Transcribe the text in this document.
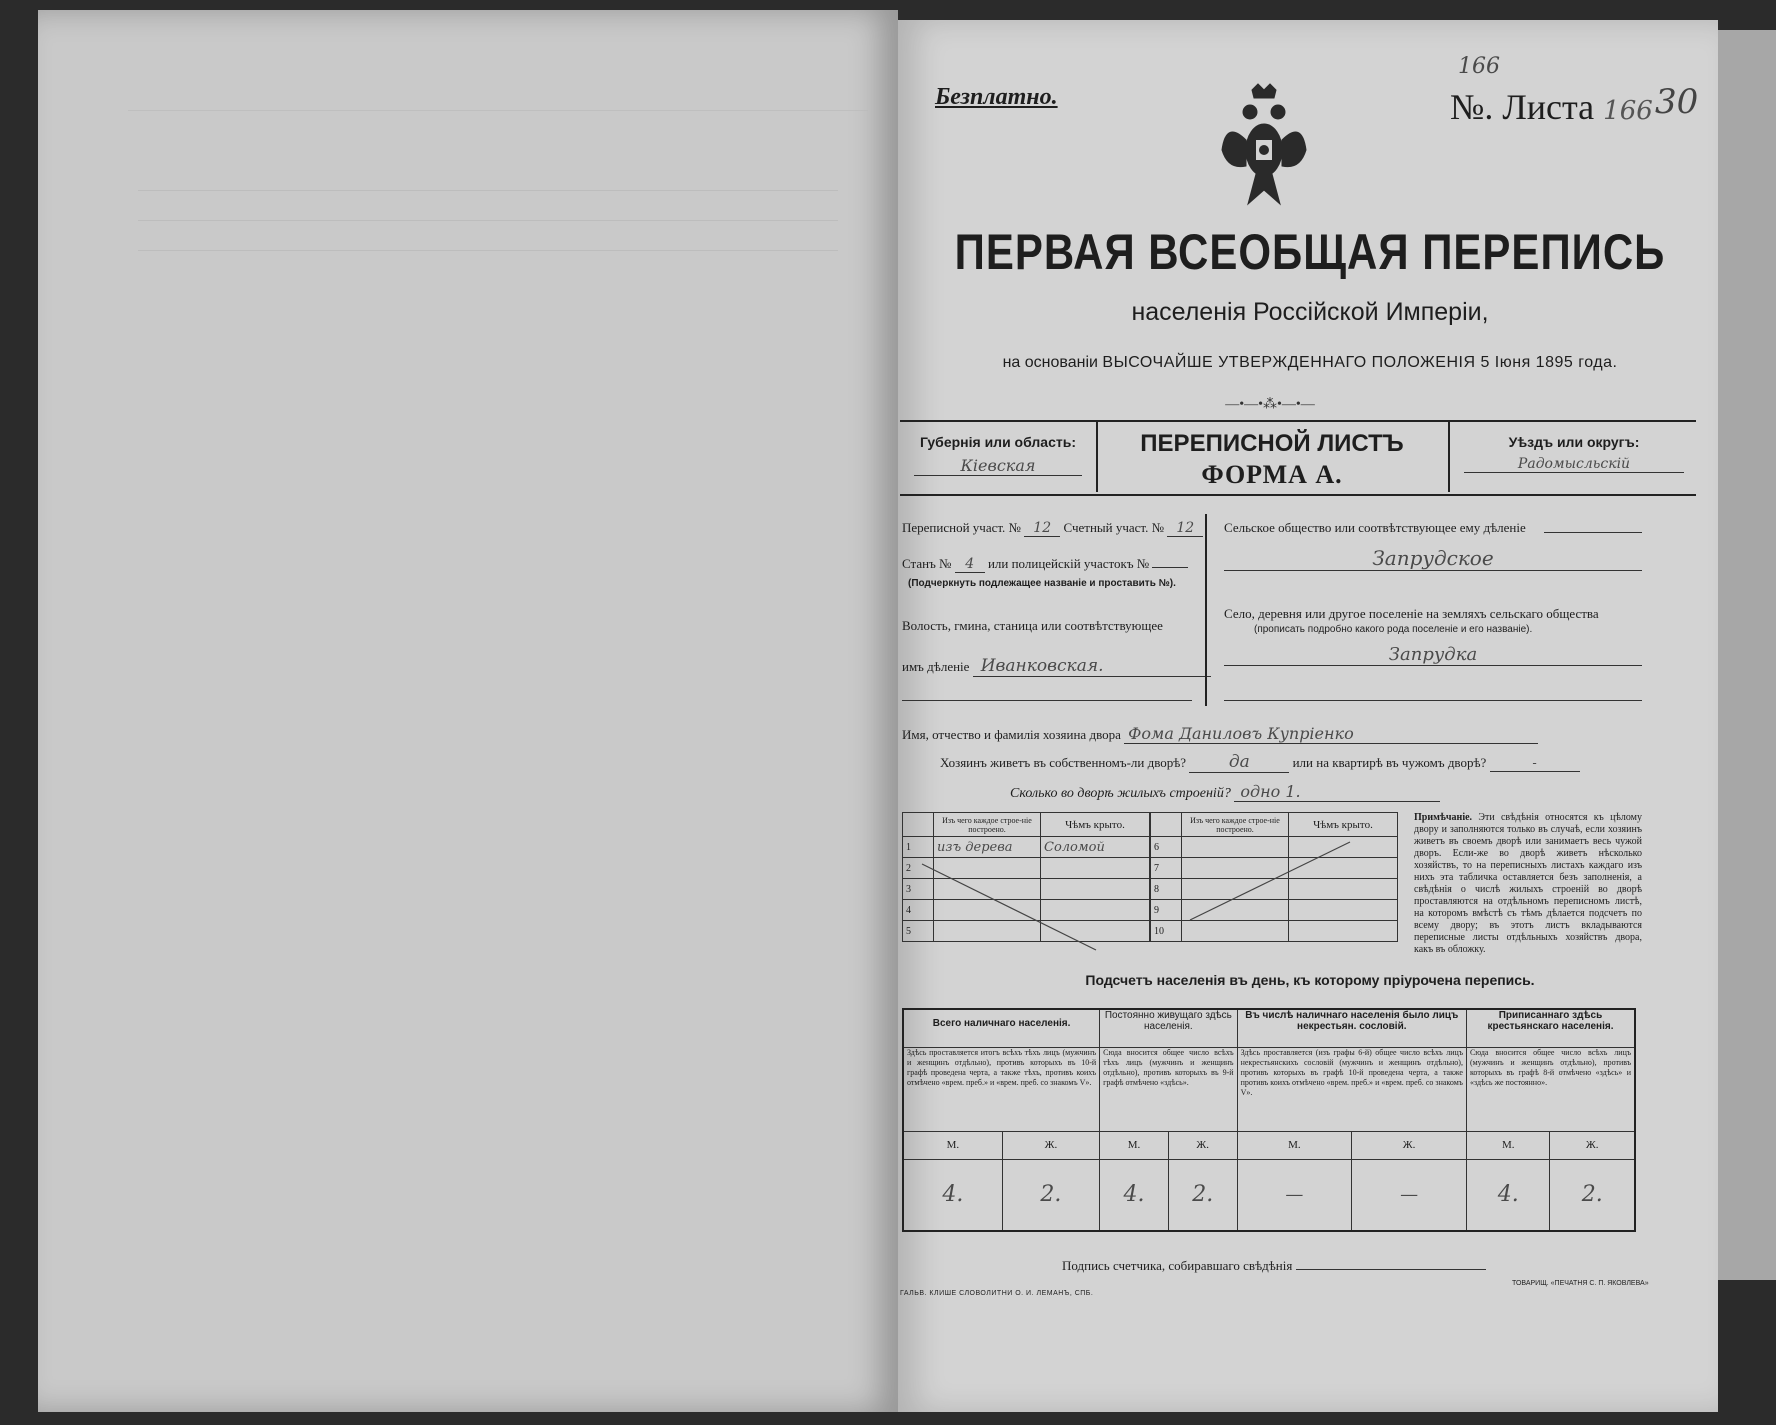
Безплатно.
166
№. Листа 166 30
ПЕРВАЯ ВСЕОБЩАЯ ПЕРЕПИСЬ
населенія Россійской Имперіи,
на основаніи ВЫСОЧАЙШЕ УТВЕРЖДЕННАГО ПОЛОЖЕНІЯ 5 Іюня 1895 года.
—•—•⁂•—•—
Губернія или область:
Кіевская
ПЕРЕПИСНОЙ ЛИСТЪ
ФОРМА А.
Уѣздъ или округъ:
Радомысльскій
Переписной участ. № 12 Счетный участ. № 12
Станъ № 4 или полицейскій участокъ №
(Подчеркнуть подлежащее названіе и проставить №).
Волость, гмина, станица или соотвѣтствующее
имъ дѣленіе Иванковская.
Сельское общество или соотвѣтствующее ему дѣленіе
Запрудское
Село, деревня или другое поселеніе на земляхъ сельскаго общества
(прописать подробно какого рода поселеніе и его названіе).
Запрудка
Имя, отчество и фамилія хозяина двора Фома Даниловъ Купріенко
Хозяинъ живетъ въ собственномъ-ли дворѣ?	да	или на квартирѣ въ чужомъ дворѣ?	-
Сколько во дворѣ жилыхъ строеній? одно 1.
	Изъ чего каждое строе-ніе построено.	Чѣмъ крыто.
1	изъ дерева	Соломой
2		
3		
4		
5		
	Изъ чего каждое строе-ніе построено.	Чѣмъ крыто.
6		
7		
8		
9		
10		
Примѣчаніе. Эти свѣдѣнія относятся къ цѣлому двору и заполняются только въ случаѣ, если хозяинъ живетъ въ своемъ дворѣ или занимаетъ весь чужой дворъ. Если-же во дворѣ живетъ нѣсколько хозяйствъ, то на переписныхъ листахъ каждаго изъ нихъ эта табличка оставляется безъ заполненія, а свѣдѣнія о числѣ жилыхъ строеній во дворѣ проставляются на отдѣльномъ переписномъ листѣ, на которомъ вмѣстѣ съ тѣмъ дѣлается подсчетъ по всему двору; въ этотъ листъ вкладываются переписные листы отдѣльныхъ хозяйствъ двора, какъ въ обложку.
Подсчетъ населенія въ день, къ которому пріурочена перепись.
Всего наличнаго населенія.		Постоянно живущаго здѣсь населенія.		Въ числѣ наличнаго населенія было лицъ некрестьян. сословій.		Приписаннаго здѣсь крестьянскаго населенія.	
Здѣсь проставляется итогъ всѣхъ тѣхъ лицъ (мужчинъ и женщинъ отдѣльно), противъ которыхъ въ 10-й графѣ проведена черта, а также тѣхъ, противъ коихъ отмѣчено «врем. преб.» и «врем. преб. со знакомъ V».		Сюда вносится общее число всѣхъ тѣхъ лицъ (мужчинъ и женщинъ отдѣльно), противъ которыхъ въ 9-й графѣ отмѣчено «здѣсь».		Здѣсь проставляется (изъ графы 6-й) общее число всѣхъ лицъ некрестьянскихъ сословій (мужчинъ и женщинъ отдѣльно), противъ которыхъ въ графѣ 10-й проведена черта, а также противъ коихъ отмѣчено «врем. преб.» и «врем. преб. со знакомъ V».		Сюда вносится общее число всѣхъ лицъ (мужчинъ и женщинъ отдѣльно), противъ которыхъ въ графѣ 8-й отмѣчено «здѣсь» и «здѣсь же постоянно».	
М.	Ж.	М.	Ж.	М.	Ж.	М.	Ж.
4.	2.	4.	2.	—	—	4.	2.
Подпись счетчика, собиравшаго свѣдѣнія
ГАЛЬВ. КЛИШЕ СЛОВОЛИТНИ О. И. ЛЕМАНЪ, СПБ.
ТОВАРИЩ. «ПЕЧАТНЯ С. П. ЯКОВЛЕВА»
